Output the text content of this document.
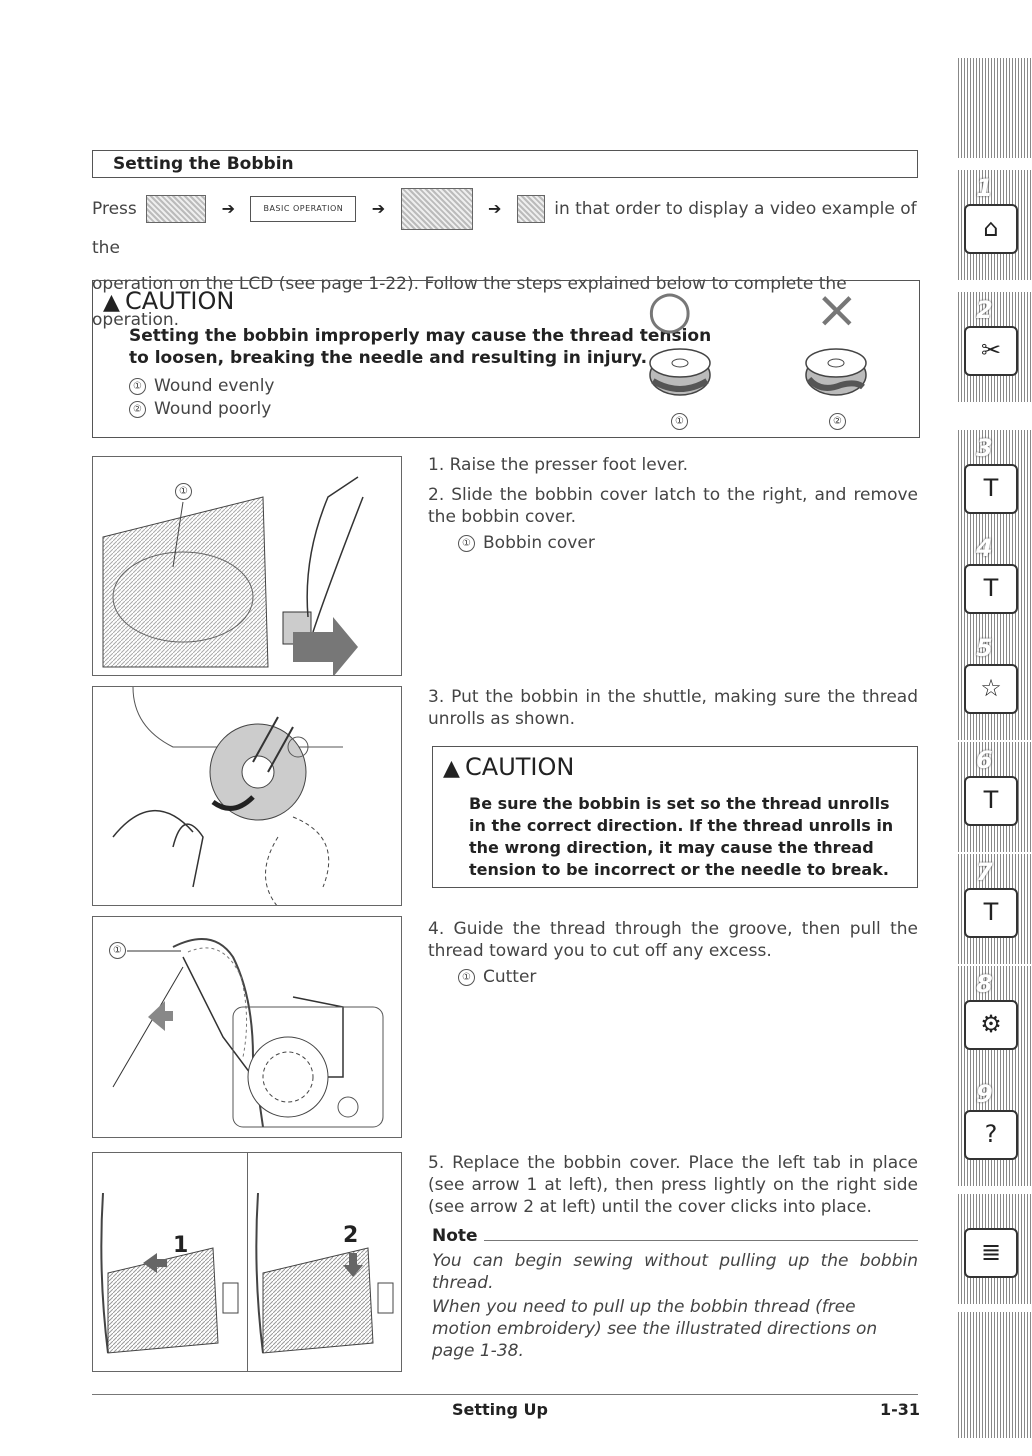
Setting the Bobbin
Press	➔	BASIC OPERATION ➔	➔	in that order to display a video example of the
operation on the LCD (see page 1-22). Follow the steps explained below to complete the operation.
▲ CAUTION
Setting the bobbin improperly may cause the thread tension to loosen, breaking the needle and resulting in injury.
① Wound evenly
② Wound poorly
○ ×
①	②
①
①
1	2
1. Raise the presser foot lever.
2. Slide the bobbin cover latch to the right, and remove the bobbin cover.
① Bobbin cover
3. Put the bobbin in the shuttle, making sure the thread unrolls as shown.
▲ CAUTION
Be sure the bobbin is set so the thread unrolls in the correct direction. If the thread unrolls in the wrong direction, it may cause the thread tension to be incorrect or the needle to break.
4. Guide the thread through the groove, then pull the thread toward you to cut off any excess.
① Cutter
5. Replace the bobbin cover. Place the left tab in place (see arrow 1 at left), then press lightly on the right side (see arrow 2 at left) until the cover clicks into place.
Note
You can begin sewing without pulling up the bobbin thread.
When you need to pull up the bobbin thread (free motion embroidery) see the illustrated directions on page 1-38.
Setting Up	1-31
1
⌂
2
✂
3
T
4
T
5
☆
6
T
7
T
8
⚙
9
?
≣
